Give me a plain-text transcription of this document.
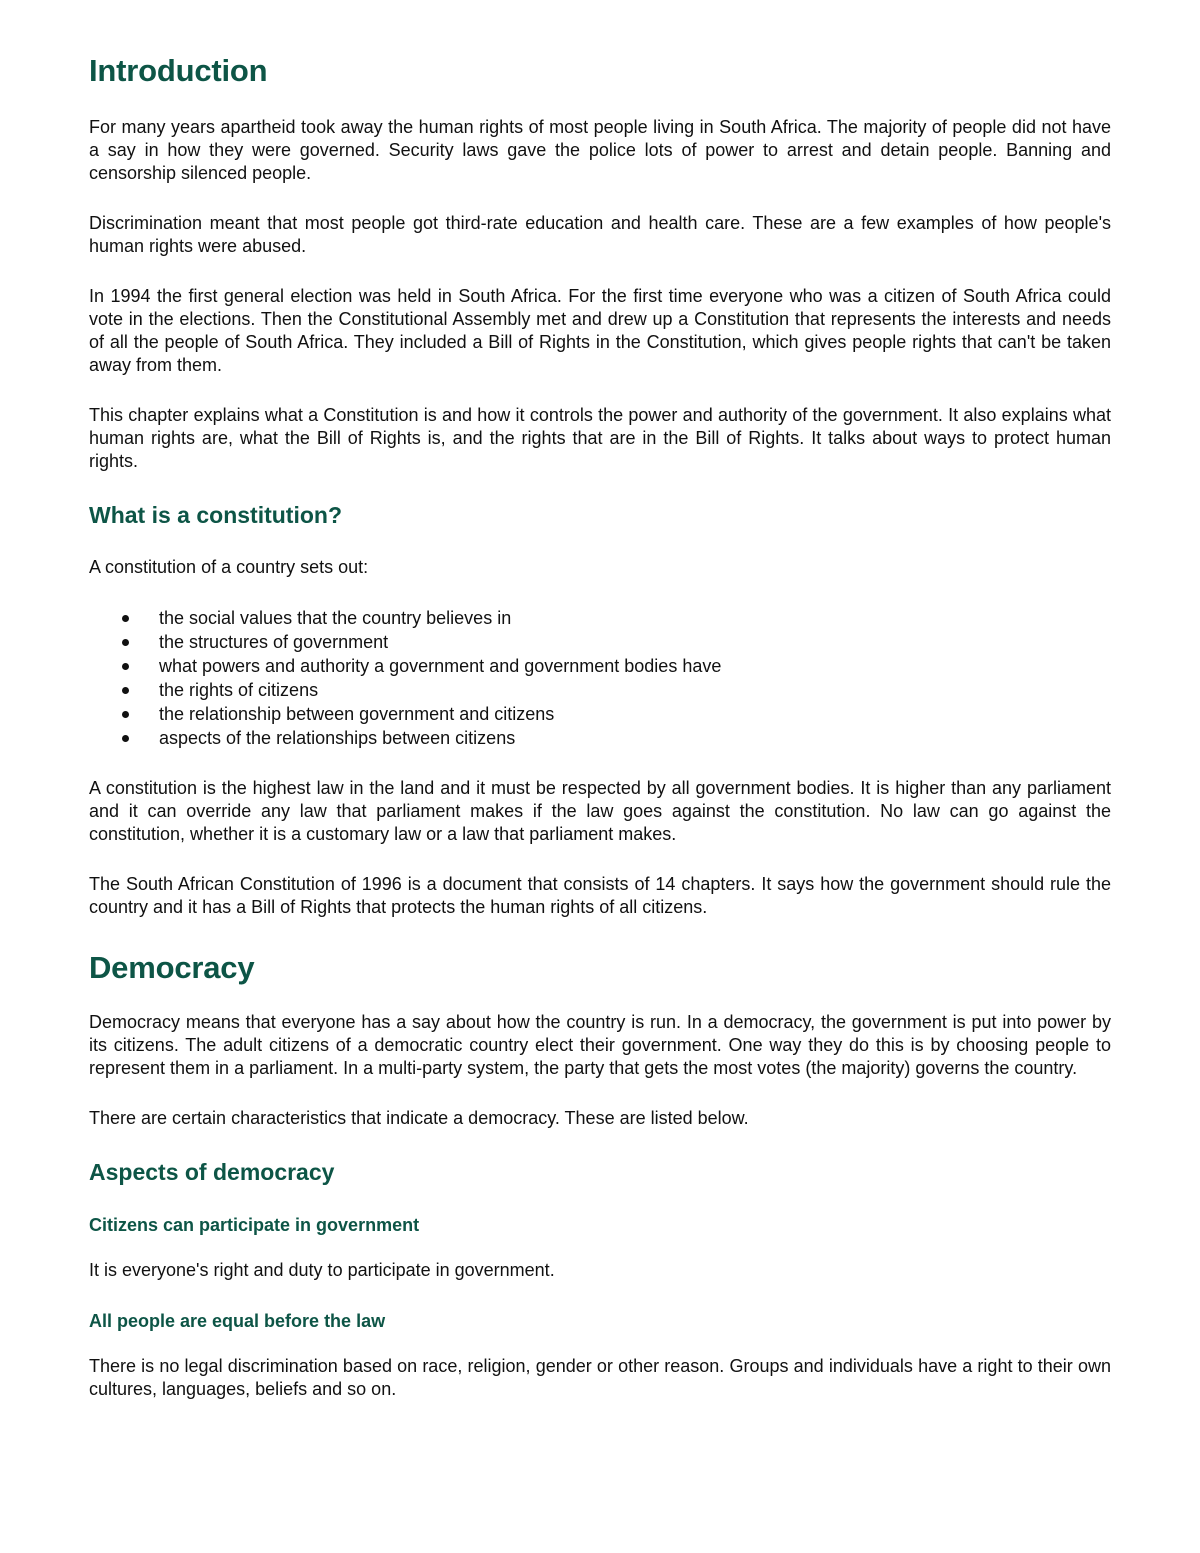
Introduction

For many years apartheid took away the human rights of most people living in South Africa. The majority of people did not have a say in how they were governed. Security laws gave the police lots of power to arrest and detain people. Banning and censorship silenced people.

Discrimination meant that most people got third-rate education and health care. These are a few examples of how people's human rights were abused.

In 1994 the first general election was held in South Africa. For the first time everyone who was a citizen of South Africa could vote in the elections. Then the Constitutional Assembly met and drew up a Constitution that represents the interests and needs of all the people of South Africa. They included a Bill of Rights in the Constitution, which gives people rights that can't be taken away from them.

This chapter explains what a Constitution is and how it controls the power and authority of the government. It also explains what human rights are, what the Bill of Rights is, and the rights that are in the Bill of Rights. It talks about ways to protect human rights.

What is a constitution?

A constitution of a country sets out:

the social values that the country believes in
the structures of government
what powers and authority a government and government bodies have
the rights of citizens
the relationship between government and citizens
aspects of the relationships between citizens

A constitution is the highest law in the land and it must be respected by all government bodies. It is higher than any parliament and it can override any law that parliament makes if the law goes against the constitution. No law can go against the constitution, whether it is a customary law or a law that parliament makes.

The South African Constitution of 1996 is a document that consists of 14 chapters. It says how the government should rule the country and it has a Bill of Rights that protects the human rights of all citizens.

Democracy

Democracy means that everyone has a say about how the country is run. In a democracy, the government is put into power by its citizens. The adult citizens of a democratic country elect their government. One way they do this is by choosing people to represent them in a parliament. In a multi-party system, the party that gets the most votes (the majority) governs the country.

There are certain characteristics that indicate a democracy. These are listed below.

Aspects of democracy
Citizens can participate in government

It is everyone's right and duty to participate in government.

All people are equal before the law

There is no legal discrimination based on race, religion, gender or other reason. Groups and individuals have a right to their own cultures, languages, beliefs and so on.
